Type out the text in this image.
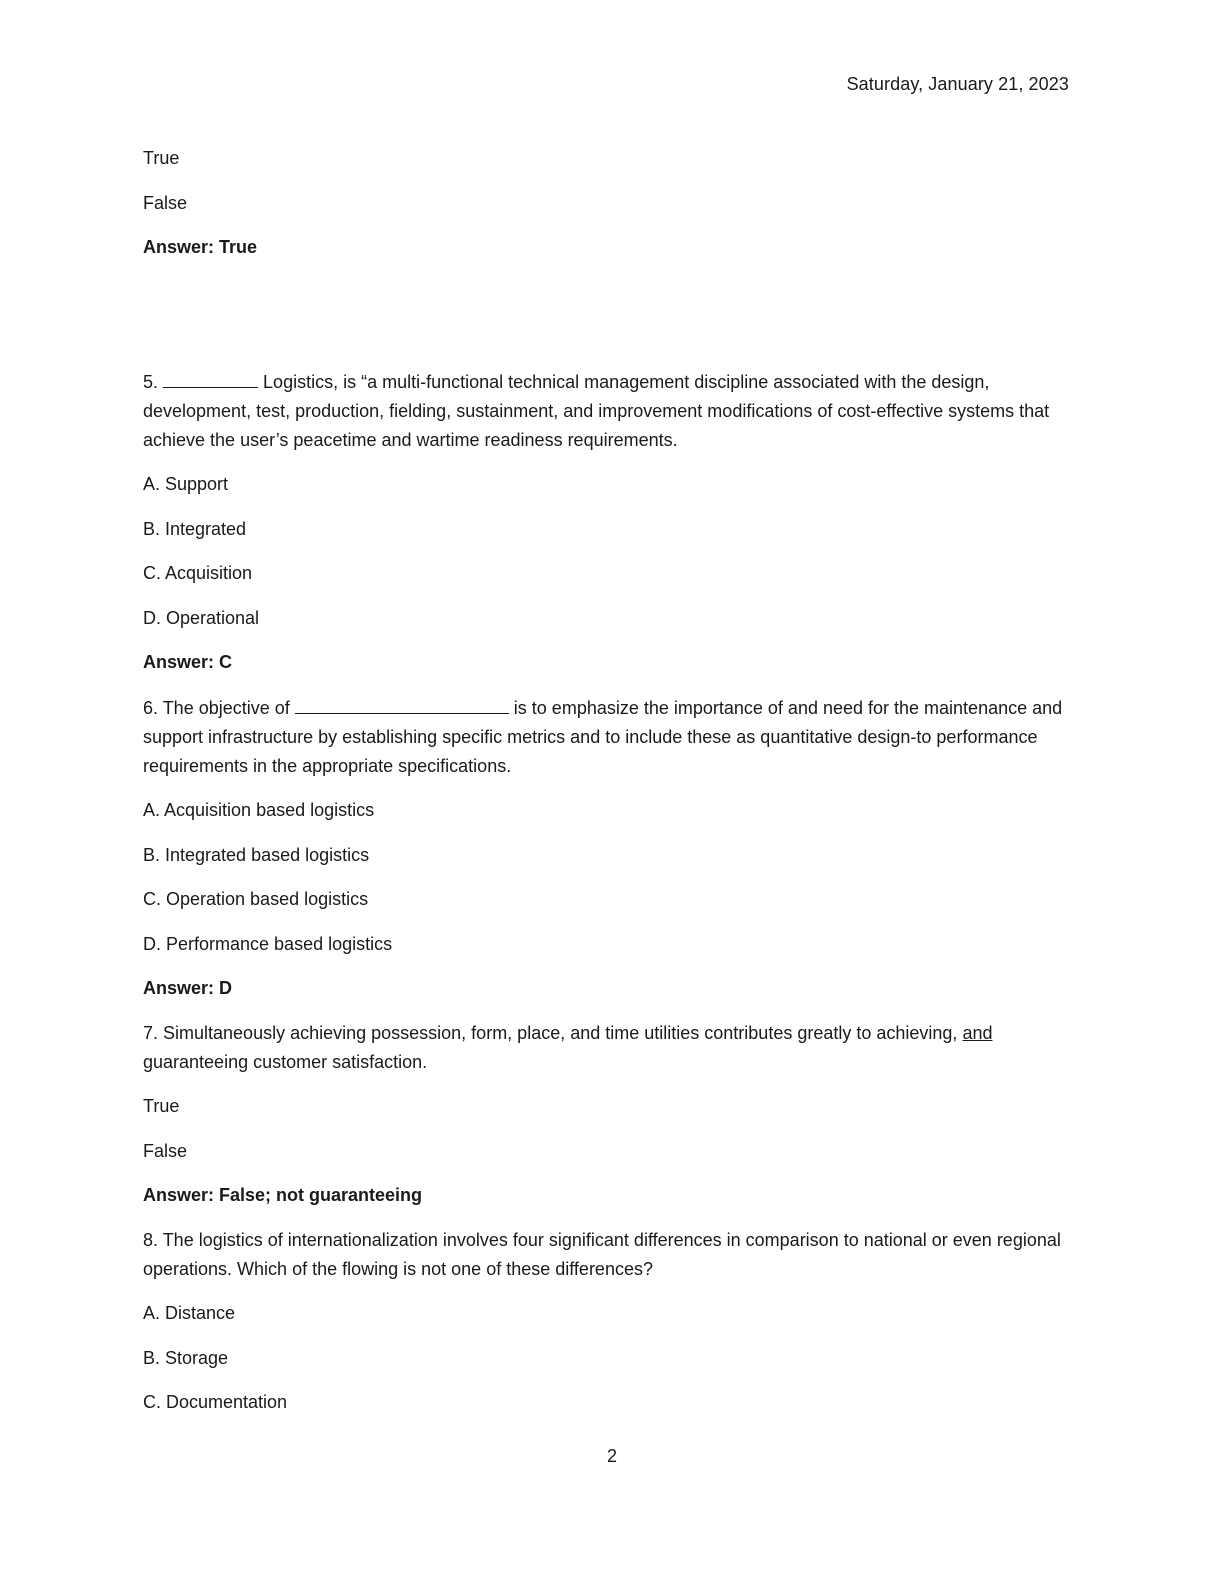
Saturday, January 21, 2023
True
False
Answer: True
5.	Logistics, is “a multi-functional technical management discipline associated with the design, development, test, production, fielding, sustainment, and improvement modifications of cost-effective systems that achieve the user’s peacetime and wartime readiness requirements.
A. Support
B. Integrated
C. Acquisition
D. Operational
Answer: C
6. The objective of	is to emphasize the importance of and need for the maintenance and support infrastructure by establishing specific metrics and to include these as quantitative design-to performance requirements in the appropriate specifications.
A. Acquisition based logistics
B. Integrated based logistics
C. Operation based logistics
D. Performance based logistics
Answer: D
7. Simultaneously achieving possession, form, place, and time utilities contributes greatly to achieving, and guaranteeing customer satisfaction.
True
False
Answer: False; not guaranteeing
8. The logistics of internationalization involves four significant differences in comparison to national or even regional operations. Which of the flowing is not one of these differences?
A. Distance
B. Storage
C. Documentation
2
